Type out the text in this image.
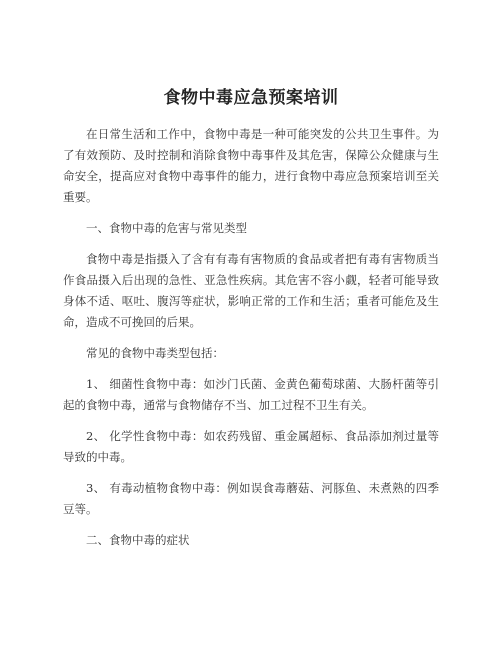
食物中毒应急预案培训

在日常生活和工作中，食物中毒是一种可能突发的公共卫生事件。为了有效预防、及时控制和消除食物中毒事件及其危害，保障公众健康与生命安全，提高应对食物中毒事件的能力，进行食物中毒应急预案培训至关重要。

一、食物中毒的危害与常见类型

食物中毒是指摄入了含有有毒有害物质的食品或者把有毒有害物质当作食品摄入后出现的急性、亚急性疾病。其危害不容小觑，轻者可能导致身体不适、呕吐、腹泻等症状，影响正常的工作和生活；重者可能危及生命，造成不可挽回的后果。

常见的食物中毒类型包括：

1、 细菌性食物中毒：如沙门氏菌、金黄色葡萄球菌、大肠杆菌等引起的食物中毒，通常与食物储存不当、加工过程不卫生有关。

2、 化学性食物中毒：如农药残留、重金属超标、食品添加剂过量等导致的中毒。

3、 有毒动植物食物中毒：例如误食毒蘑菇、河豚鱼、未煮熟的四季豆等。

二、食物中毒的症状
